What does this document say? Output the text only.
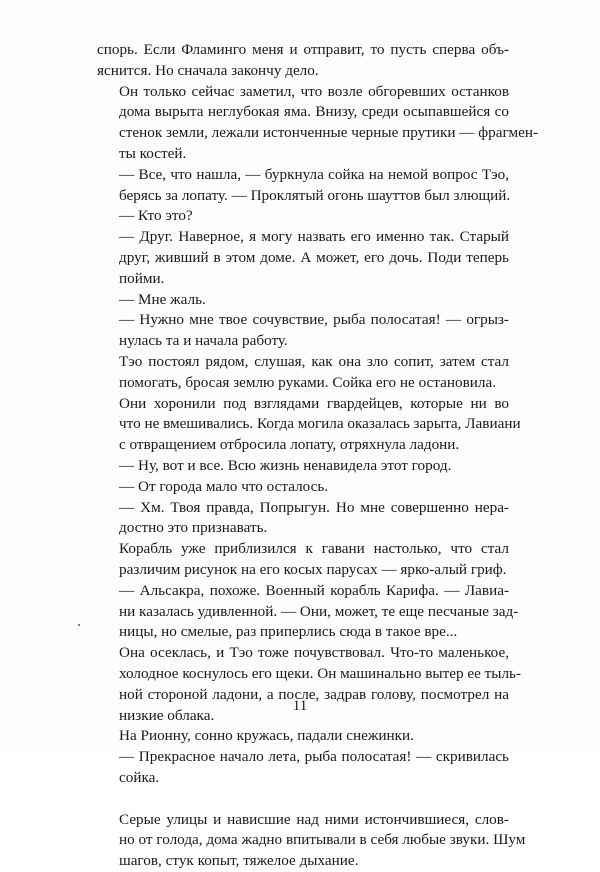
спорь. Если Фламинго меня и отправит, то пусть сперва объ-
яснится. Но сначала закончу дело.

Он только сейчас заметил, что возле обгоревших останков
дома вырыта неглубокая яма. Внизу, среди осыпавшейся со
стенок земли, лежали истонченные черные прутики — фрагмен-
ты костей.

— Все, что нашла, — буркнула сойка на немой вопрос Тэо,
берясь за лопату. — Проклятый огонь шауттов был злющий.

— Кто это?

— Друг. Наверное, я могу назвать его именно так. Старый
друг, живший в этом доме. А может, его дочь. Поди теперь
пойми.

— Мне жаль.

— Нужно мне твое сочувствие, рыба полосатая! — огрыз-
нулась та и начала работу.

Тэо постоял рядом, слушая, как она зло сопит, затем стал
помогать, бросая землю руками. Сойка его не остановила.

Они хоронили под взглядами гвардейцев, которые ни во
что не вмешивались. Когда могила оказалась зарыта, Лавиани
с отвращением отбросила лопату, отряхнула ладони.

— Ну, вот и все. Всю жизнь ненавидела этот город.

— От города мало что осталось.

— Хм. Твоя правда, Попрыгун. Но мне совершенно нера-
достно это признавать.

Корабль уже приблизился к гавани настолько, что стал
различим рисунок на его косых парусах — ярко-алый гриф.

— Альсакра, похоже. Военный корабль Карифа. — Лавиа-
ни казалась удивленной. — Они, может, те еще песчаные зад-
ницы, но смелые, раз приперлись сюда в такое вре...

Она осеклась, и Тэо тоже почувствовал. Что-то маленькое,
холодное коснулось его щеки. Он машинально вытер ее тыль-
ной стороной ладони, а после, задрав голову, посмотрел на
низкие облака.

На Рионну, сонно кружась, падали снежинки.

— Прекрасное начало лета, рыба полосатая! — скривилась
сойка.

Серые улицы и нависшие над ними истончившиеся, слов-
но от голода, дома жадно впитывали в себя любые звуки. Шум
шагов, стук копыт, тяжелое дыхание.

11
